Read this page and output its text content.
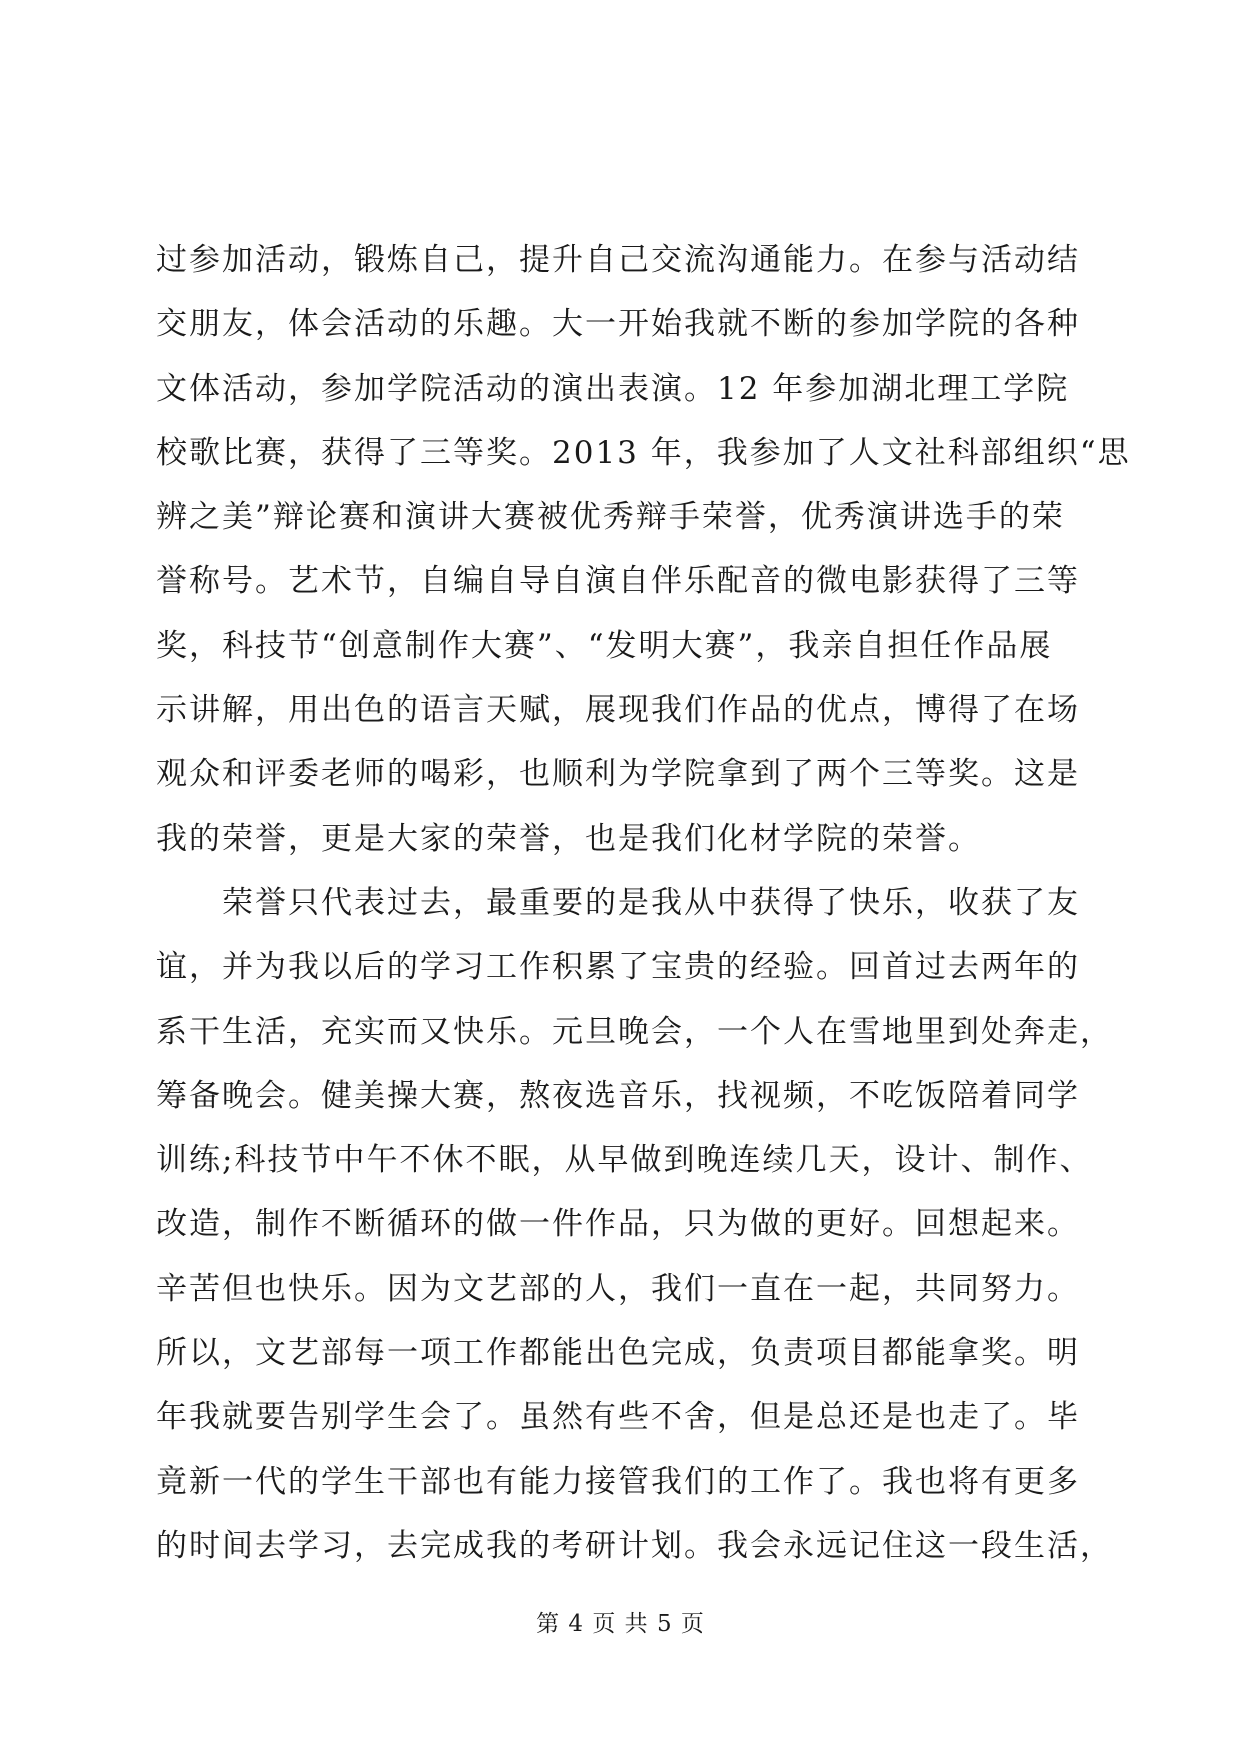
过参加活动，锻炼自己，提升自己交流沟通能力。在参与活动结
交朋友，体会活动的乐趣。大一开始我就不断的参加学院的各种
文体活动，参加学院活动的演出表演。12 年参加湖北理工学院
校歌比赛，获得了三等奖。2013 年，我参加了人文社科部组织“思
辨之美”辩论赛和演讲大赛被优秀辩手荣誉，优秀演讲选手的荣
誉称号。艺术节，自编自导自演自伴乐配音的微电影获得了三等
奖，科技节“创意制作大赛”、“发明大赛”，我亲自担任作品展
示讲解，用出色的语言天赋，展现我们作品的优点，博得了在场
观众和评委老师的喝彩，也顺利为学院拿到了两个三等奖。这是
我的荣誉，更是大家的荣誉，也是我们化材学院的荣誉。
　　荣誉只代表过去，最重要的是我从中获得了快乐，收获了友
谊，并为我以后的学习工作积累了宝贵的经验。回首过去两年的
系干生活，充实而又快乐。元旦晚会，一个人在雪地里到处奔走，
筹备晚会。健美操大赛，熬夜选音乐，找视频，不吃饭陪着同学
训练;科技节中午不休不眠，从早做到晚连续几天，设计、制作、
改造，制作不断循环的做一件作品，只为做的更好。回想起来。
辛苦但也快乐。因为文艺部的人，我们一直在一起，共同努力。
所以，文艺部每一项工作都能出色完成，负责项目都能拿奖。明
年我就要告别学生会了。虽然有些不舍，但是总还是也走了。毕
竟新一代的学生干部也有能力接管我们的工作了。我也将有更多
的时间去学习，去完成我的考研计划。我会永远记住这一段生活，
第 4 页 共 5 页
